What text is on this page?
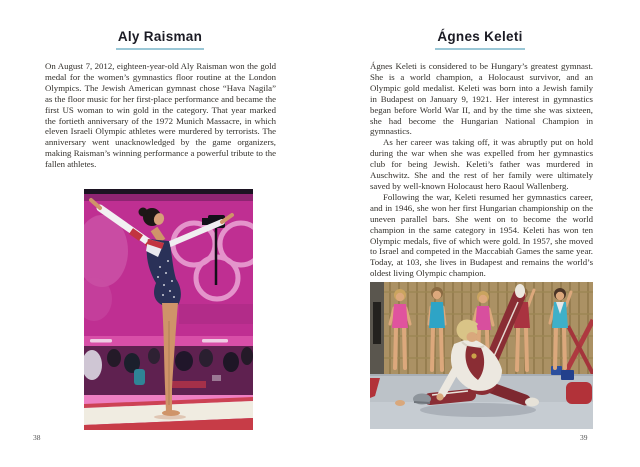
Aly Raisman

On August 7, 2012, eighteen-year-old Aly Raisman won the gold medal for the women’s gymnastics floor routine at the London Olympics. The Jewish American gymnast chose “Hava Nagila” as the floor music for her first-place performance and became the first US woman to win gold in the category. That year marked the fortieth anniversary of the 1972 Munich Massacre, in which eleven Israeli Olympic athletes were murdered by terrorists. The anniversary went unacknowledged by the game organizers, making Raisman’s winning performance a powerful tribute to the fallen athletes.

38
Ágnes Keleti

Ágnes Keleti is considered to be Hungary’s greatest gymnast. She is a world champion, a Holocaust survivor, and an Olympic gold medalist. Keleti was born into a Jewish family in Budapest on January 9, 1921. Her interest in gymnastics began before World War II, and by the time she was sixteen, she had become the Hungarian National Champion in gymnastics.

As her career was taking off, it was abruptly put on hold during the war when she was expelled from her gymnastics club for being Jewish. Keleti’s father was murdered in Auschwitz. She and the rest of her family were ultimately saved by well-known Holocaust hero Raoul Wallenberg.

Following the war, Keleti resumed her gymnastics career, and in 1946, she won her first Hungarian championship on the uneven parallel bars. She went on to become the world champion in the same category in 1954. Keleti has won ten Olympic medals, five of which were gold. In 1957, she moved to Israel and competed in the Maccabiah Games the same year. Today, at 103, she lives in Budapest and remains the world’s oldest living Olympic champion.

39
